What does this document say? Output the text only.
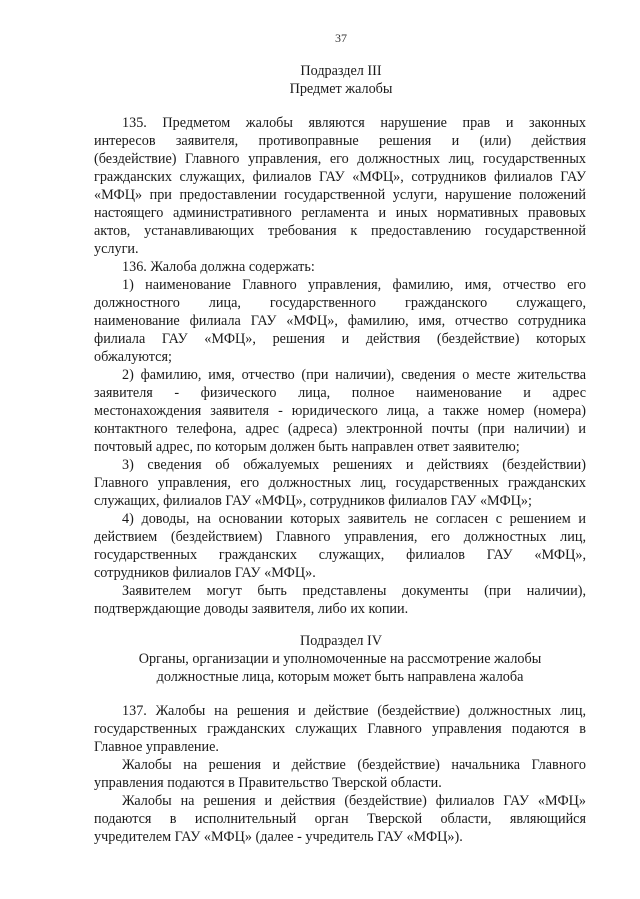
37
Подраздел III
Предмет жалобы
135. Предметом жалобы являются нарушение прав и законных
интересов заявителя, противоправные решения и (или) действия
(бездействие) Главного управления, его должностных лиц, государственных
гражданских служащих, филиалов ГАУ «МФЦ», сотрудников филиалов ГАУ
«МФЦ» при предоставлении государственной услуги, нарушение положений
настоящего административного регламента и иных нормативных правовых
актов, устанавливающих требования к предоставлению государственной
услуги.
136. Жалоба должна содержать:
1) наименование Главного управления, фамилию, имя, отчество его
должностного лица, государственного гражданского служащего,
наименование филиала ГАУ «МФЦ», фамилию, имя, отчество сотрудника
филиала ГАУ «МФЦ», решения и действия (бездействие) которых
обжалуются;
2) фамилию, имя, отчество (при наличии), сведения о месте жительства
заявителя - физического лица, полное наименование и адрес
местонахождения заявителя - юридического лица, а также номер (номера)
контактного телефона, адрес (адреса) электронной почты (при наличии) и
почтовый адрес, по которым должен быть направлен ответ заявителю;
3) сведения об обжалуемых решениях и действиях (бездействии)
Главного управления, его должностных лиц, государственных гражданских
служащих, филиалов ГАУ «МФЦ», сотрудников филиалов ГАУ «МФЦ»;
4) доводы, на основании которых заявитель не согласен с решением и
действием (бездействием) Главного управления, его должностных лиц,
государственных гражданских служащих, филиалов ГАУ «МФЦ»,
сотрудников филиалов ГАУ «МФЦ».
Заявителем могут быть представлены документы (при наличии),
подтверждающие доводы заявителя, либо их копии.
Подраздел IV
Органы, организации и уполномоченные на рассмотрение жалобы
должностные лица, которым может быть направлена жалоба
137. Жалобы на решения и действие (бездействие) должностных лиц,
государственных гражданских служащих Главного управления подаются в
Главное управление.
Жалобы на решения и действие (бездействие) начальника Главного
управления подаются в Правительство Тверской области.
Жалобы на решения и действия (бездействие) филиалов ГАУ «МФЦ»
подаются в исполнительный орган Тверской области, являющийся
учредителем ГАУ «МФЦ» (далее - учредитель ГАУ «МФЦ»).
